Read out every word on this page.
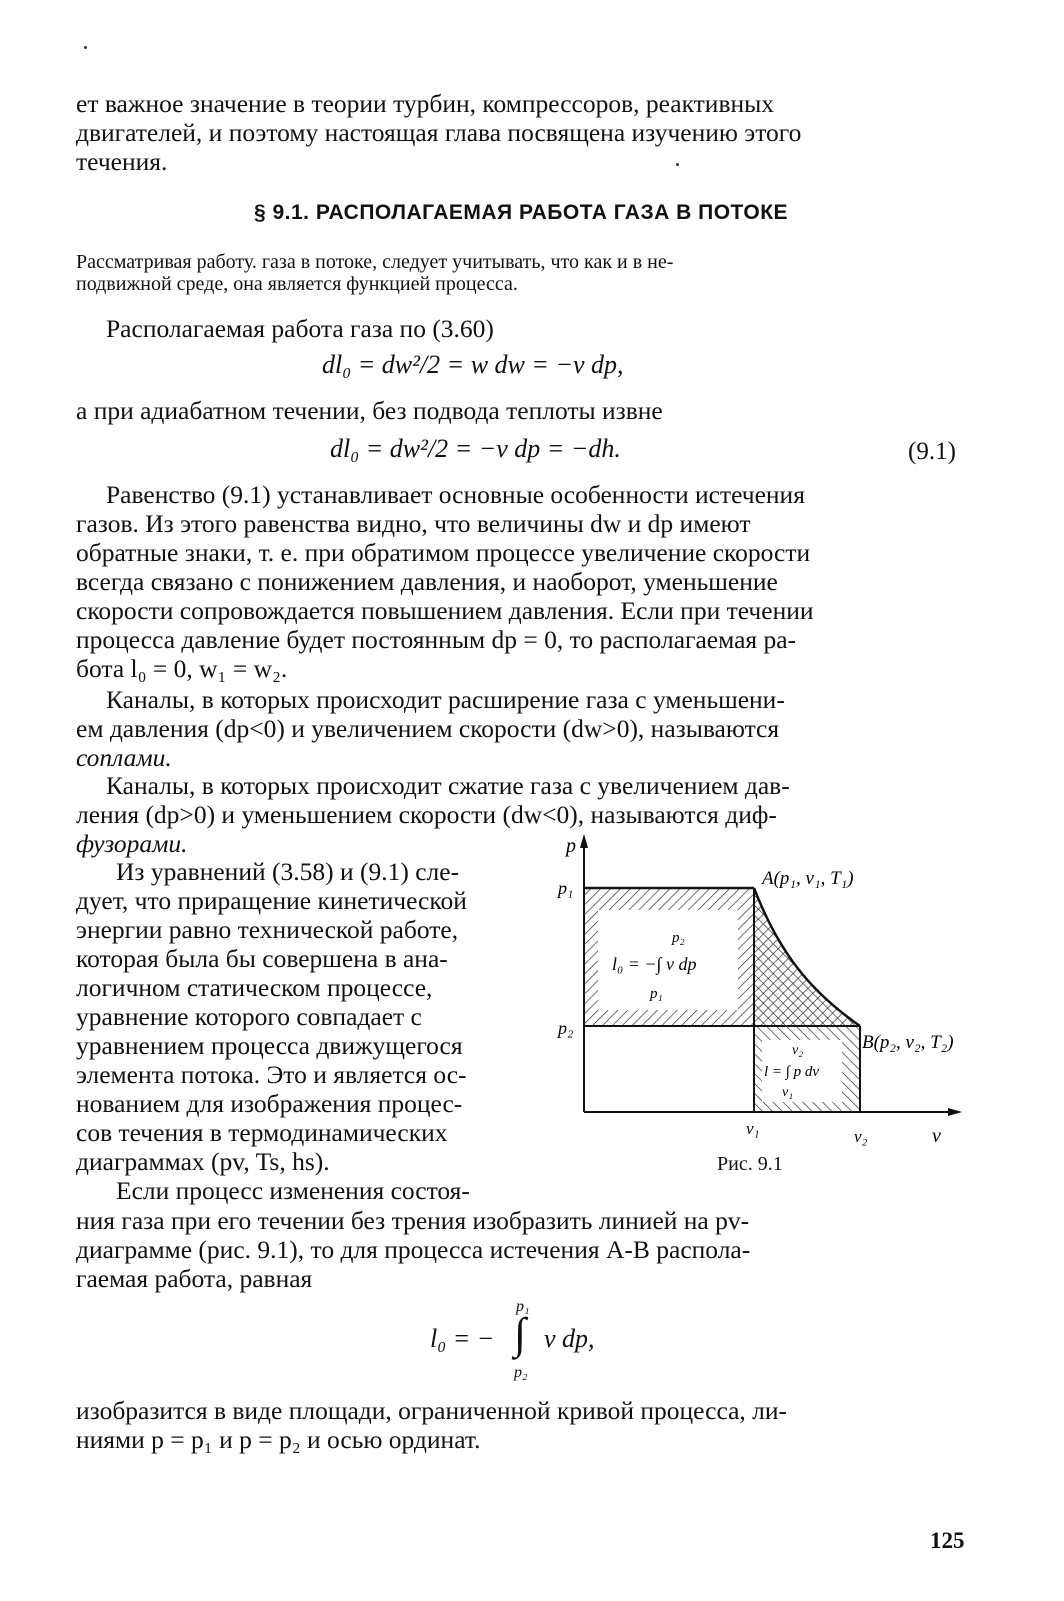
ет важное значение в теории турбин, компрессоров, реактивных
двигателей, и поэтому настоящая глава посвящена изучению этого
течения.
§ 9.1. РАСПОЛАГАЕМАЯ РАБОТА ГАЗА В ПОТОКЕ
Рассматривая работу. газа в потоке, следует учитывать, что как и в не-
подвижной среде, она является функцией процесса.
Располагаемая работа газа по (3.60)
dl₀ = dw²/2 = w dw = −v dp,
а при адиабатном течении, без подвода теплоты извне
dl₀ = dw²/2 = −v dp = −dh.	(9.1)
Равенство (9.1) устанавливает основные особенности истечения
газов. Из этого равенства видно, что величины dw и dp имеют
обратные знаки, т. е. при обратимом процессе увеличение скорости
всегда связано с понижением давления, и наоборот, уменьшение
скорости сопровождается повышением давления. Если при течении
процесса давление будет постоянным dp = 0, то располагаемая ра-
бота l₀ = 0, w₁ = w₂.
Каналы, в которых происходит расширение газа с уменьшени-
ем давления (dp<0) и увеличением скорости (dw>0), называются
соплами.
Каналы, в которых происходит сжатие газа с увеличением дав-
ления (dp>0) и уменьшением скорости (dw<0), называются диф-
фузорами.
Из уравнений (3.58) и (9.1) сле-
дует, что приращение кинетической
энергии равно технической работе,
которая была бы совершена в ана-
логичном статическом процессе,
уравнение которого совпадает с
уравнением процесса движущегося
элемента потока. Это и является ос-
нованием для изображения процес-
сов течения в термодинамических
диаграммах (pv, Ts, hs).
Если процесс изменения состоя-
p
v
p₁
p₂
v₁	v₂
A(p₁, v₁, T₁)
B(p₂, v₂, T₂)
p₂
l₀ = −∫ v dp
p₁
v₂
l = ∫ p dv
v₁
Рис. 9.1
ния газа при его течении без трения изобразить линией на pv-
диаграмме (рис. 9.1), то для процесса истечения A-B распола-
гаемая работа, равная
l₀ = −
p₁
∫
p₂
v dp,
изобразится в виде площади, ограниченной кривой процесса, ли-
ниями p = p₁ и p = p₂ и осью ординат.
125
